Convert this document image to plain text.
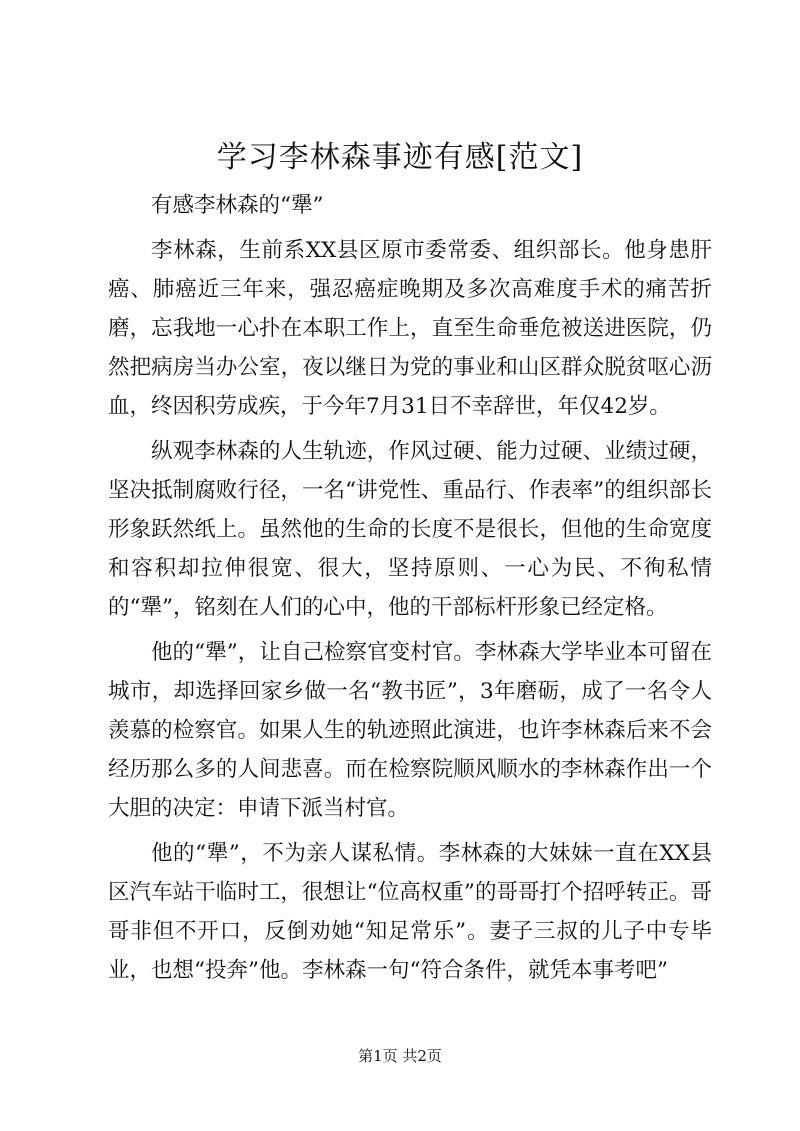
学习李林森事迹有感[范文]

有感李林森的“犟”

李林森，生前系XX县区原市委常委、组织部长。他身患肝癌、肺癌近三年来，强忍癌症晚期及多次高难度手术的痛苦折磨，忘我地一心扑在本职工作上，直至生命垂危被送进医院，仍然把病房当办公室，夜以继日为党的事业和山区群众脱贫呕心沥血，终因积劳成疾，于今年7月31日不幸辞世，年仅42岁。

纵观李林森的人生轨迹，作风过硬、能力过硬、业绩过硬，坚决抵制腐败行径，一名“讲党性、重品行、作表率”的组织部长形象跃然纸上。虽然他的生命的长度不是很长，但他的生命宽度和容积却拉伸很宽、很大，坚持原则、一心为民、不徇私情的“犟”，铭刻在人们的心中，他的干部标杆形象已经定格。

他的“犟”，让自己检察官变村官。李林森大学毕业本可留在城市，却选择回家乡做一名“教书匠”，3年磨砺，成了一名令人羡慕的检察官。如果人生的轨迹照此演进，也许李林森后来不会经历那么多的人间悲喜。而在检察院顺风顺水的李林森作出一个大胆的决定：申请下派当村官。

他的“犟”，不为亲人谋私情。李林森的大妹妹一直在XX县区汽车站干临时工，很想让“位高权重”的哥哥打个招呼转正。哥哥非但不开口，反倒劝她“知足常乐”。妻子三叔的儿子中专毕业，也想“投奔”他。李林森一句“符合条件，就凭本事考吧”

第1页 共2页
